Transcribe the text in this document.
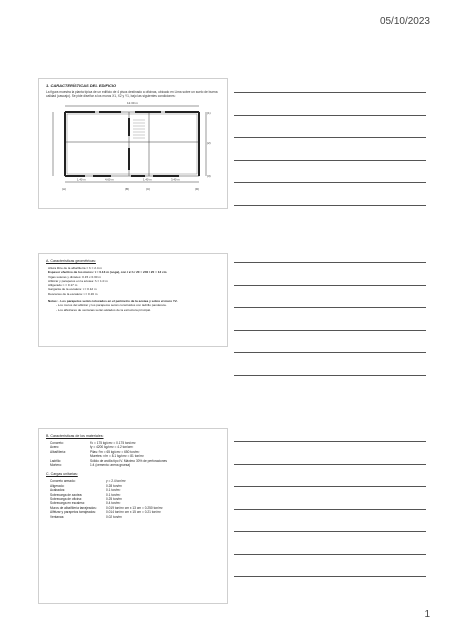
05/10/2023
1. CARACTERÍSTICAS DEL EDIFICIO
La figura muestra la planta típica de un edificio de 4 pisos destinado a oficinas, ubicado en Lima sobre un suelo de buena calidad (cascajo). Se pide diseñar a los muros X1, X2 y Y1, bajo las siguientes condiciones:
12.30 m
1.40 m	4.60 m	1.40 m	3.40 m
(A)	(B)	(C)	(D)
(1)
(2)
(3)
A. Características geométricas:
Altura libre de la albañilería = h = 2.4 m
Espesor efectivo de los muros: t = 0.13 m (soga), con t ≥ h / 20 = 240 / 20 = 12 cm
Vigas soleras y dinteles: 0.15 x 0.30 m
Alféizar y parapetos en la azotea: h = 1.0 m
Alligerado: t = 0.17 m
Garganta de la escalera: t = 0.12 m
Descanso de la escalera: t = 0.16 m
Notas: - Los parapetos serán colocados en el perímetro de la azotea y sobre el muro Y2.
- Los muros del alféizar y los parapetos serán construidos con ladrillo pandereta.
- Los alféizares de ventanas serán aislados de la estructura principal.
B. Características de los materiales:
Concreto:	f'c = 175 kg/cm² = 0.175 ton/cm²
Acero:	fy = 4200 kg/cm² = 4.2 ton/cm²
Albañilería:	Pilas: f'm = 65 kg/cm² = 650 ton/m²
Muretes: v'm = 8.1 kg/cm² = 81 ton/m²
Ladrillo:	Sólido de arcilla tipo IV. Máximo 30% de perforaciones
Mortero:	1:4 (cemento: arena gruesa)
C. Cargas unitarias:
Concreto armado:	γ = 2.4 ton/m³
Aligerado:	0.28 ton/m²
Acabados:	0.1 ton/m²
Sobrecarga de azotea:	0.1 ton/m²
Sobrecarga de oficina:	0.25 ton/m²
Sobrecarga en escalera:	0.4 ton/m²
Muros de albañilería tarrajeados:	0.019 ton/m² cm x 13 cm = 0.250 ton/m²
Alféizar y parapetos tarrajeados:	0.014 ton/m² cm x 15 cm = 0.21 ton/m²
Ventanas:	0.02 ton/m²
1
